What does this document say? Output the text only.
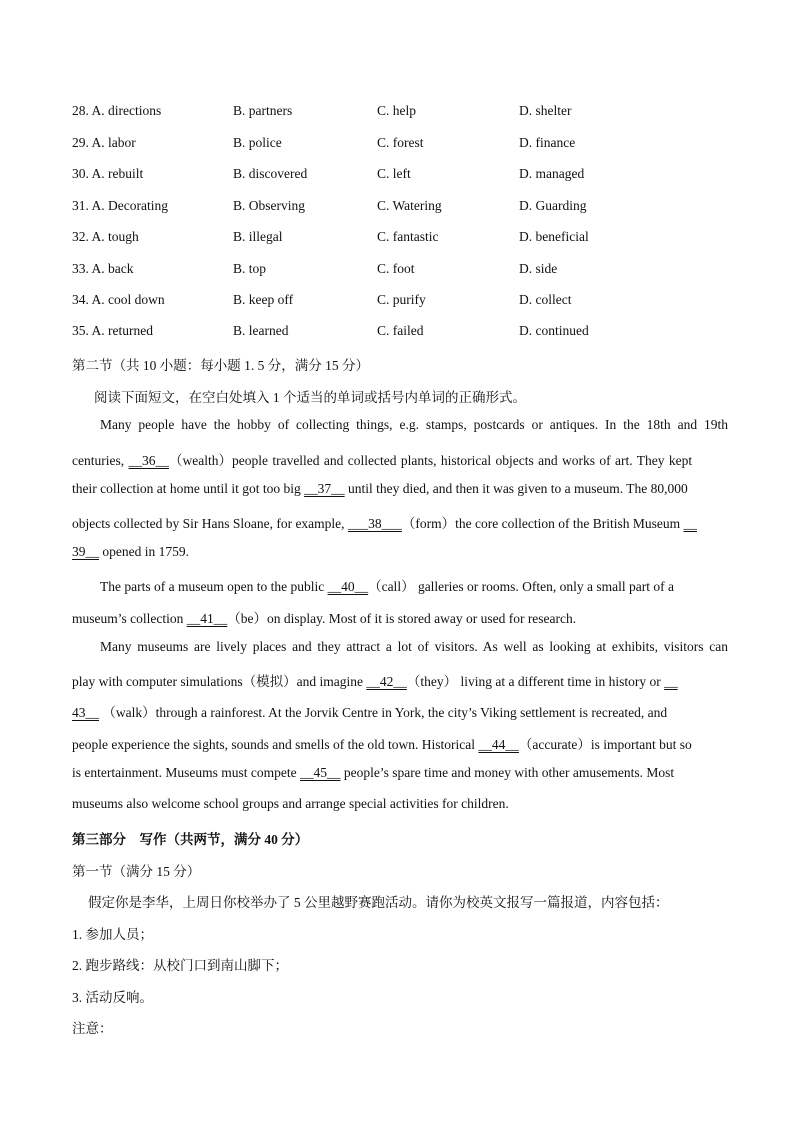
28. A. directions	B. partners	C. help	D. shelter
29. A. labor	B. police	C. forest	D. finance
30. A. rebuilt	B. discovered	C. left	D. managed
31. A. Decorating	B. Observing	C. Watering	D. Guarding
32. A. tough	B. illegal	C. fantastic	D. beneficial
33. A. back	B. top	C. foot	D. side
34. A. cool down	B. keep off	C. purify	D. collect
35. A. returned	B. learned	C. failed	D. continued
第二节（共 10 小题：每小题 1. 5 分，满分 15 分）
阅读下面短文，在空白处填入 1 个适当的单词或括号内单词的正确形式。
Many people have the hobby of collecting things, e.g. stamps, postcards or antiques. In the 18th and 19th
centuries, __36__（wealth）people travelled and collected plants, historical objects and works of art. They kept
their collection at home until it got too big __37__ until they died, and then it was given to a museum. The 80,000
objects collected by Sir Hans Sloane, for example, ___38___（form）the core collection of the British Museum __
39__ opened in 1759.
The parts of a museum open to the public __40__（call） galleries or rooms. Often, only a small part of a
museum’s collection __41__（be）on display. Most of it is stored away or used for research.
Many museums are lively places and they attract a lot of visitors. As well as looking at exhibits, visitors can
play with computer simulations（模拟）and imagine __42__（they） living at a different time in history or __
43__ （walk）through a rainforest. At the Jorvik Centre in York, the city’s Viking settlement is recreated, and
people experience the sights, sounds and smells of the old town. Historical __44__（accurate）is important but so
is entertainment. Museums must compete __45__ people’s spare time and money with other amusements. Most
museums also welcome school groups and arrange special activities for children.
第三部分　写作（共两节，满分 40 分）
第一节（满分 15 分）
假定你是李华，上周日你校举办了 5 公里越野赛跑活动。请你为校英文报写一篇报道，内容包括：
1. 参加人员；
2. 跑步路线：从校门口到南山脚下；
3. 活动反响。
注意：
